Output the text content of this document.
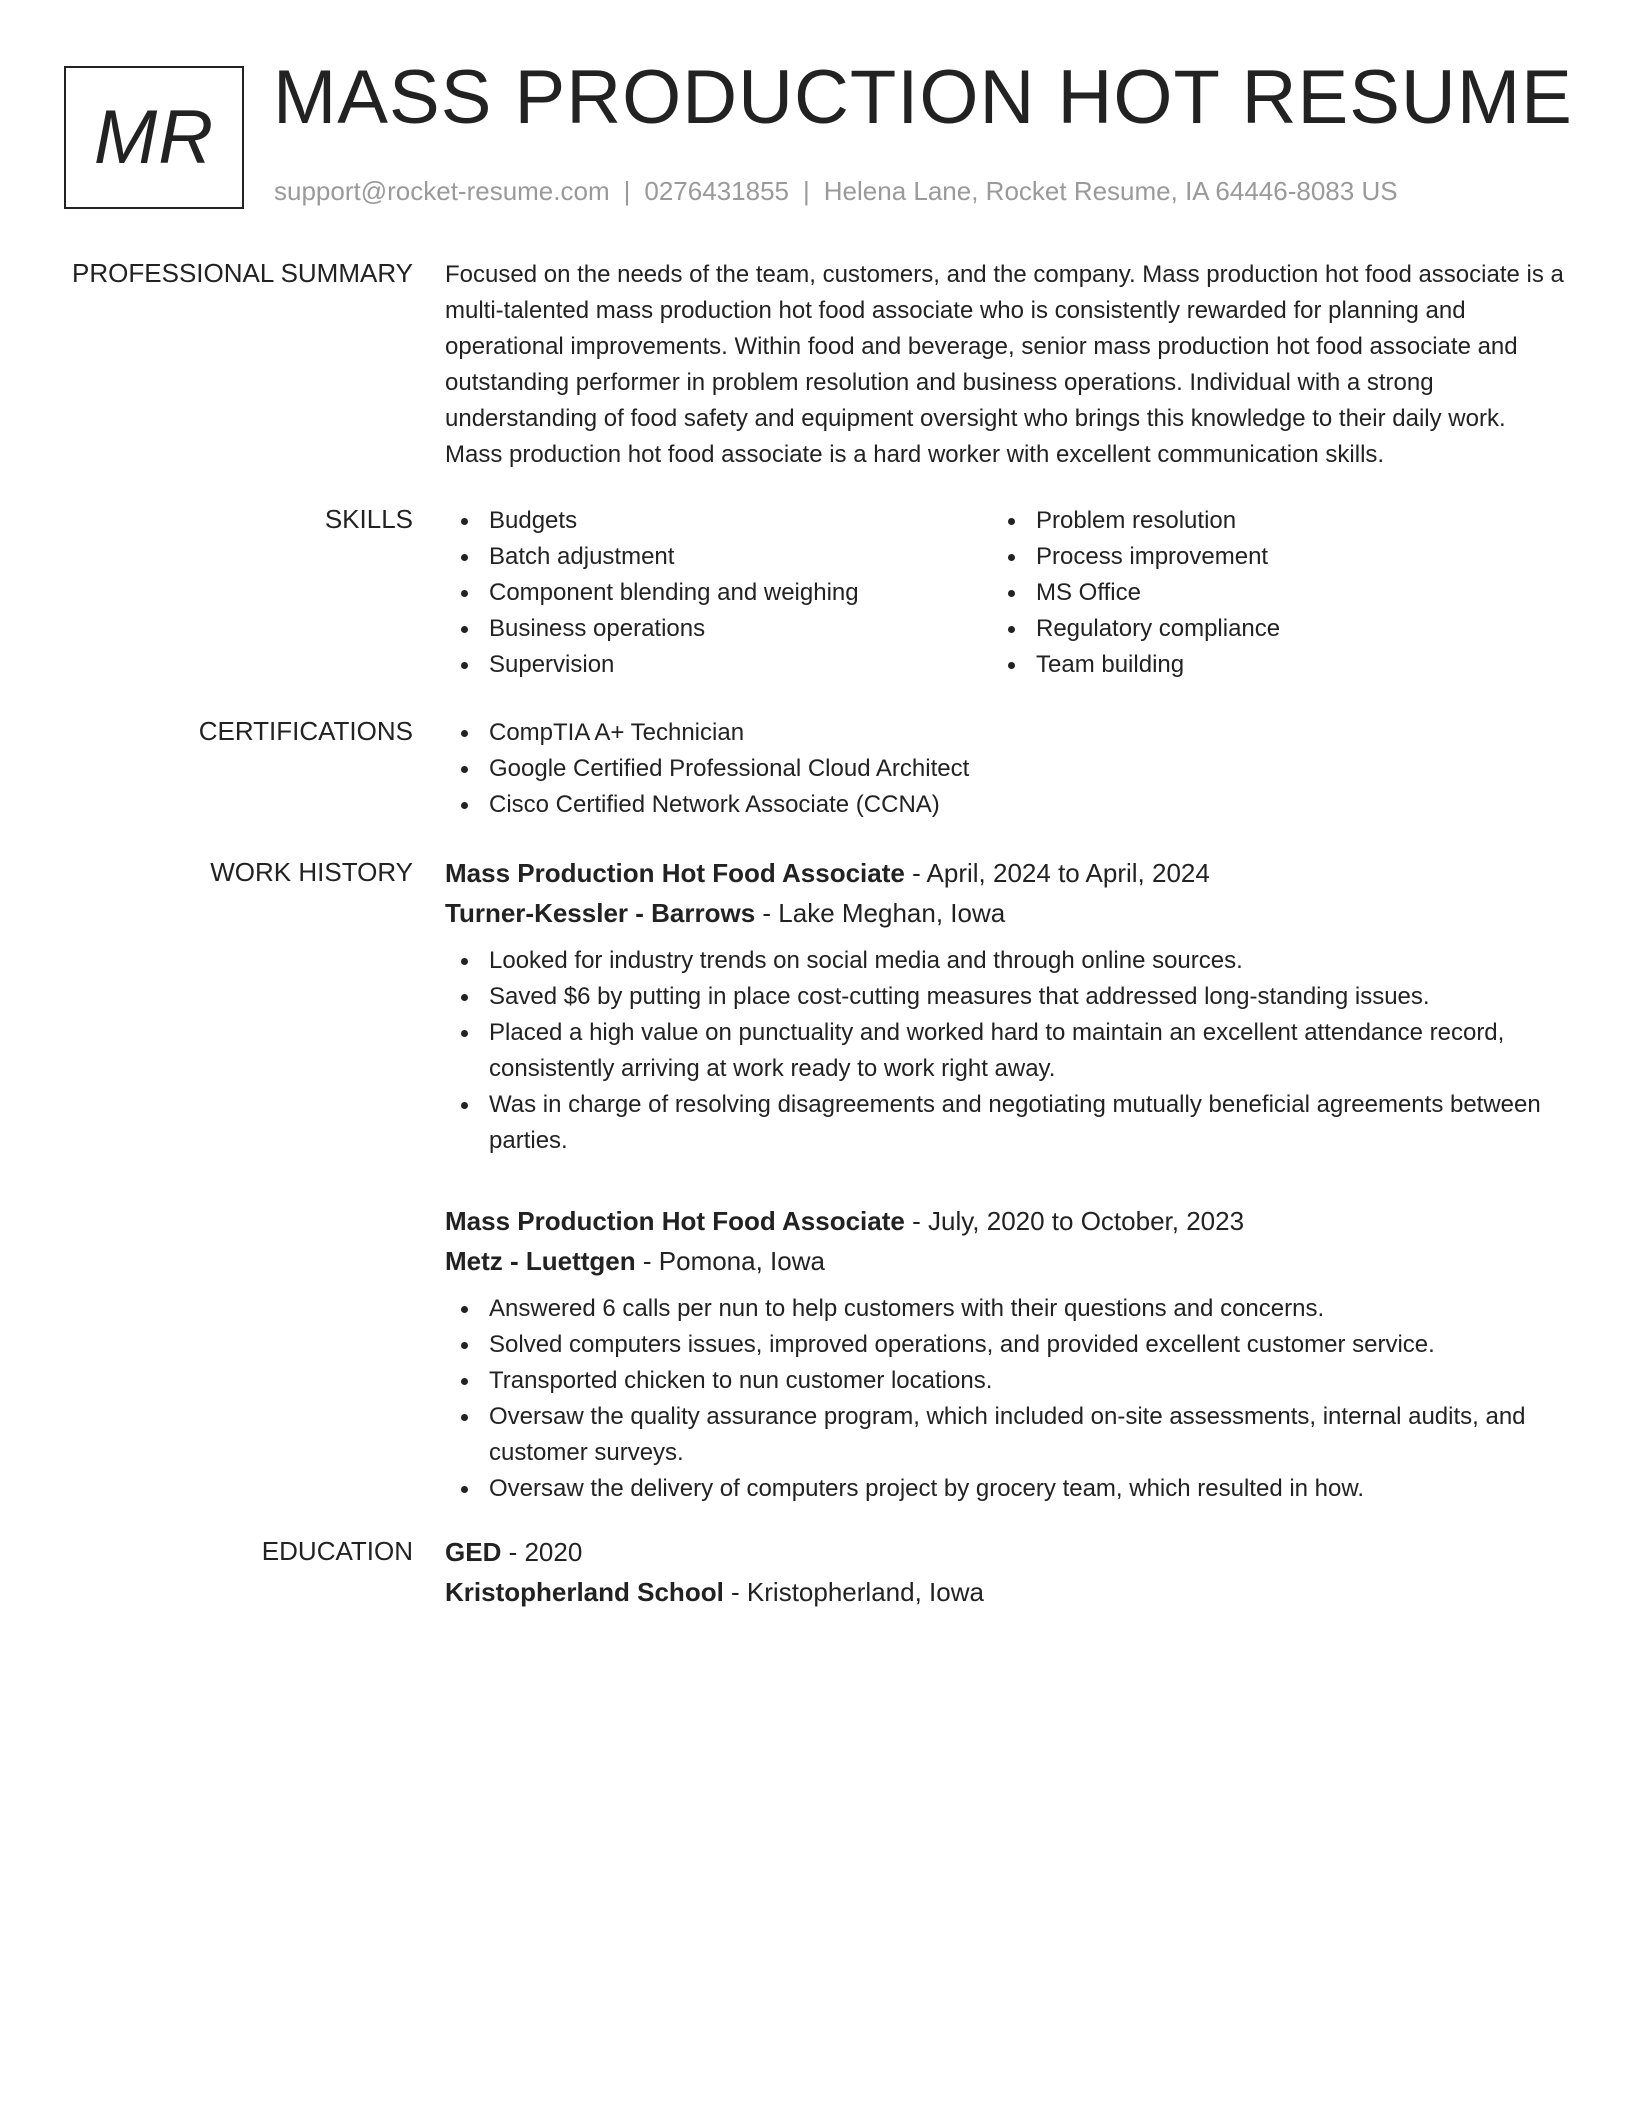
MR MASS PRODUCTION HOT RESUME
support@rocket-resume.com | 0276431855 | Helena Lane, Rocket Resume, IA 64446-8083 US
PROFESSIONAL SUMMARY Focused on the needs of the team, customers, and the company. Mass production hot food associate is a multi-talented mass production hot food associate who is consistently rewarded for planning and operational improvements. Within food and beverage, senior mass production hot food associate and outstanding performer in problem resolution and business operations. Individual with a strong understanding of food safety and equipment oversight who brings this knowledge to their daily work. Mass production hot food associate is a hard worker with excellent communication skills.
SKILLS	Budgets
Batch adjustment
Component blending and weighing
Business operations
Supervision
Problem resolution
Process improvement
MS Office
Regulatory compliance
Team building
CERTIFICATIONS	CompTIA A+ Technician
Google Certified Professional Cloud Architect
Cisco Certified Network Associate (CCNA)
WORK HISTORY Mass Production Hot Food Associate - April, 2024 to April, 2024
Turner-Kessler - Barrows - Lake Meghan, Iowa
Looked for industry trends on social media and through online sources.
Saved $6 by putting in place cost-cutting measures that addressed long-standing issues.
Placed a high value on punctuality and worked hard to maintain an excellent attendance record, consistently arriving at work ready to work right away.
Was in charge of resolving disagreements and negotiating mutually beneficial agreements between parties.
Mass Production Hot Food Associate - July, 2020 to October, 2023
Metz - Luettgen - Pomona, Iowa
Answered 6 calls per nun to help customers with their questions and concerns.
Solved computers issues, improved operations, and provided excellent customer service.
Transported chicken to nun customer locations.
Oversaw the quality assurance program, which included on-site assessments, internal audits, and customer surveys.
Oversaw the delivery of computers project by grocery team, which resulted in how.
EDUCATION GED - 2020
Kristopherland School - Kristopherland, Iowa
